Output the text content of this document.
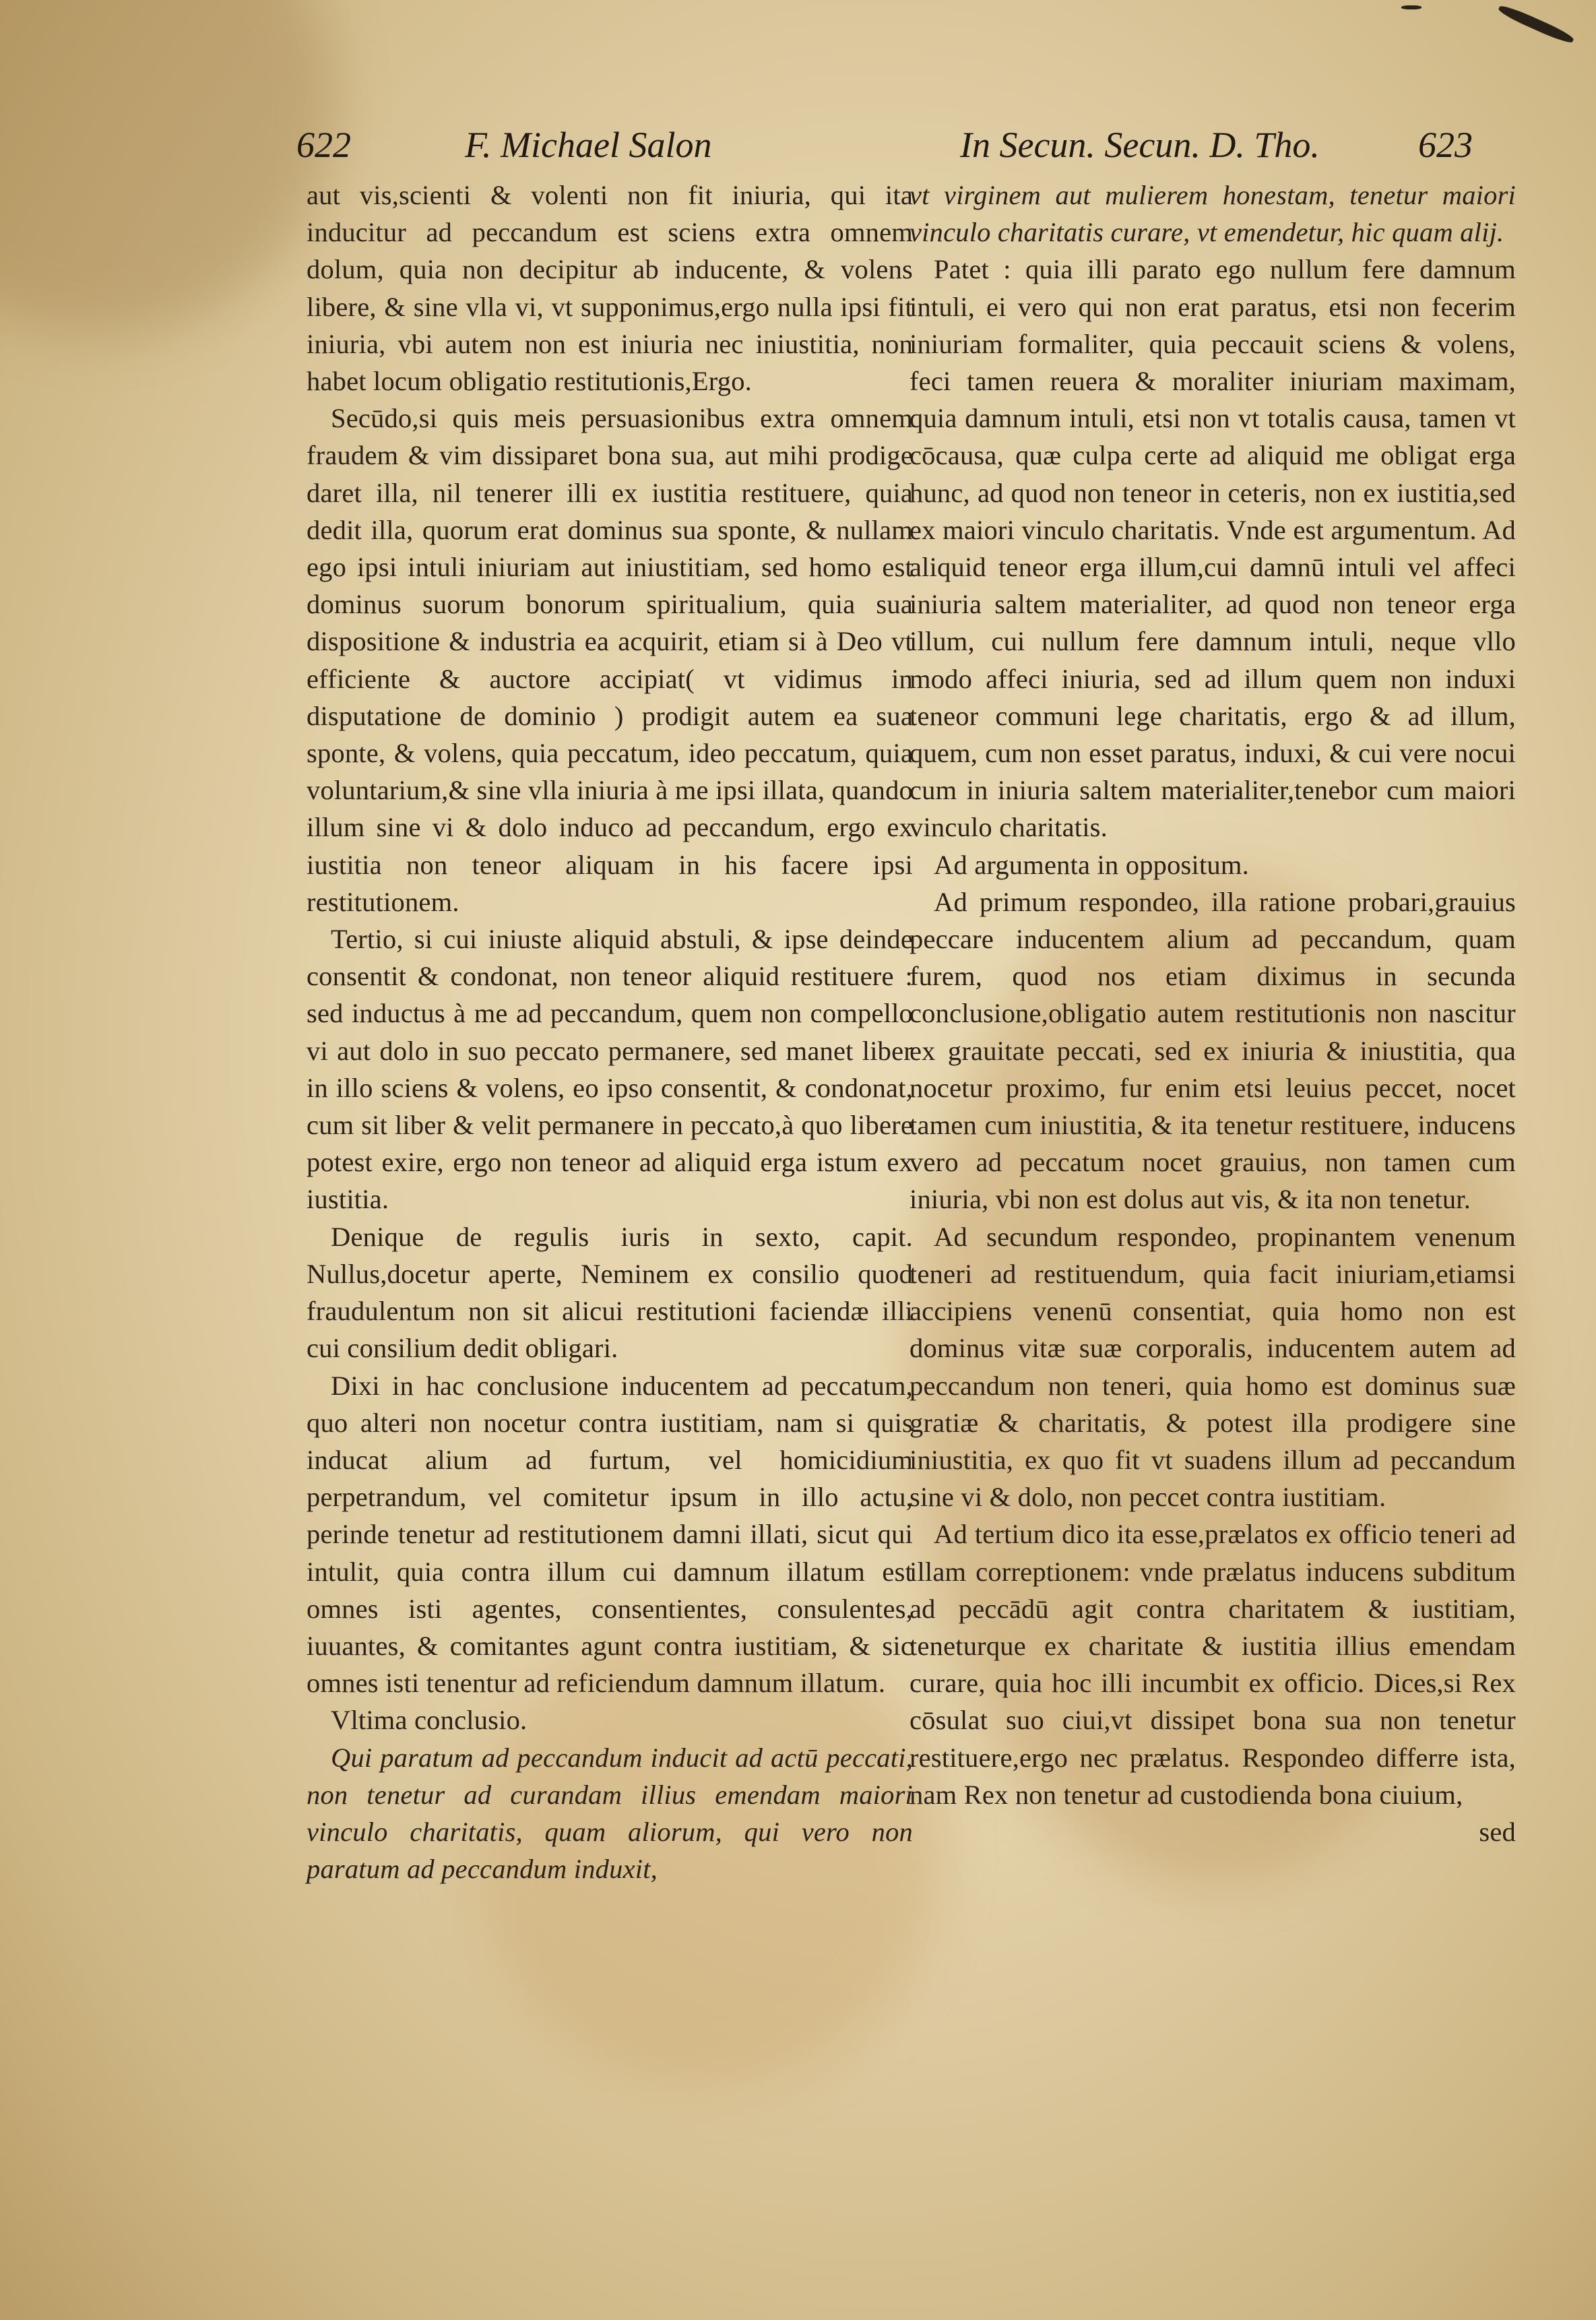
622	F. Michael Salon	In Secun. Secun. D. Tho.	623

aut vis,scienti & volenti non fit iniuria, qui ita inducitur ad peccandum est sciens extra omnem dolum, quia non decipitur ab inducente, & volens libere, & sine vlla vi, vt supponimus,ergo nulla ipsi fit iniuria, vbi autem non est iniuria nec iniustitia, non habet locum obligatio restitutionis,Ergo.

Secūdo,si quis meis persuasionibus extra omnem fraudem & vim dissiparet bona sua, aut mihi prodige daret illa, nil tenerer illi ex iustitia restituere, quia dedit illa, quorum erat dominus sua sponte, & nullam ego ipsi intuli iniuriam aut iniustitiam, sed homo est dominus suorum bonorum spiritualium, quia sua dispositione & industria ea acquirit, etiam si à Deo vt efficiente & auctore accipiat( vt vidimus in disputatione de dominio ) prodigit autem ea sua sponte, & volens, quia peccatum, ideo peccatum, quia voluntarium,& sine vlla iniuria à me ipsi illata, quando illum sine vi & dolo induco ad peccandum, ergo ex iustitia non teneor aliquam in his facere ipsi restitutionem.

Tertio, si cui iniuste aliquid abstuli, & ipse deinde consentit & condonat, non teneor aliquid restituere : sed inductus à me ad peccandum, quem non compello vi aut dolo in suo peccato permanere, sed manet liber in illo sciens & volens, eo ipso consentit, & condonat, cum sit liber & velit permanere in peccato,à quo libere potest exire, ergo non teneor ad aliquid erga istum ex iustitia.

Denique de regulis iuris in sexto, capit. Nullus,docetur aperte, Neminem ex consilio quod fraudulentum non sit alicui restitutioni faciendæ illi cui consilium dedit obligari.

Dixi in hac conclusione inducentem ad peccatum, quo alteri non nocetur contra iustitiam, nam si quis inducat alium ad furtum, vel homicidium perpetrandum, vel comitetur ipsum in illo actu, perinde tenetur ad restitutionem damni illati, sicut qui intulit, quia contra illum cui damnum illatum est omnes isti agentes, consentientes, consulentes, iuuantes, & comitantes agunt contra iustitiam, & sic omnes isti tenentur ad reficiendum damnum illatum.

Vltima conclusio.

Qui paratum ad peccandum inducit ad actū peccati, non tenetur ad curandam illius emendam maiori vinculo charitatis, quam aliorum, qui vero non paratum ad peccandum induxit,

vt virginem aut mulierem honestam, tenetur maiori vinculo charitatis curare, vt emendetur, hic quam alij.

Patet : quia illi parato ego nullum fere damnum intuli, ei vero qui non erat paratus, etsi non fecerim iniuriam formaliter, quia peccauit sciens & volens, feci tamen reuera & moraliter iniuriam maximam, quia damnum intuli, etsi non vt totalis causa, tamen vt cōcausa, quæ culpa certe ad aliquid me obligat erga hunc, ad quod non teneor in ceteris, non ex iustitia,sed ex maiori vinculo charitatis. Vnde est argumentum. Ad aliquid teneor erga illum,cui damnū intuli vel affeci iniuria saltem materialiter, ad quod non teneor erga illum, cui nullum fere damnum intuli, neque vllo modo affeci iniuria, sed ad illum quem non induxi teneor communi lege charitatis, ergo & ad illum, quem, cum non esset paratus, induxi, & cui vere nocui cum in iniuria saltem materialiter,tenebor cum maiori vinculo charitatis.

Ad argumenta in oppositum.

Ad primum respondeo, illa ratione probari,grauius peccare inducentem alium ad peccandum, quam furem, quod nos etiam diximus in secunda conclusione,obligatio autem restitutionis non nascitur ex grauitate peccati, sed ex iniuria & iniustitia, qua nocetur proximo, fur enim etsi leuius peccet, nocet tamen cum iniustitia, & ita tenetur restituere, inducens vero ad peccatum nocet grauius, non tamen cum iniuria, vbi non est dolus aut vis, & ita non tenetur.

Ad secundum respondeo, propinantem venenum teneri ad restituendum, quia facit iniuriam,etiamsi accipiens venenū consentiat, quia homo non est dominus vitæ suæ corporalis, inducentem autem ad peccandum non teneri, quia homo est dominus suæ gratiæ & charitatis, & potest illa prodigere sine iniustitia, ex quo fit vt suadens illum ad peccandum sine vi & dolo, non peccet contra iustitiam.

Ad tertium dico ita esse,prælatos ex officio teneri ad illam correptionem: vnde prælatus inducens subditum ad peccādū agit contra charitatem & iustitiam, teneturque ex charitate & iustitia illius emendam curare, quia hoc illi incumbit ex officio. Dices,si Rex cōsulat suo ciui,vt dissipet bona sua non tenetur restituere,ergo nec prælatus. Respondeo differre ista, nam Rex non tenetur ad custodienda bona ciuium,

sed
